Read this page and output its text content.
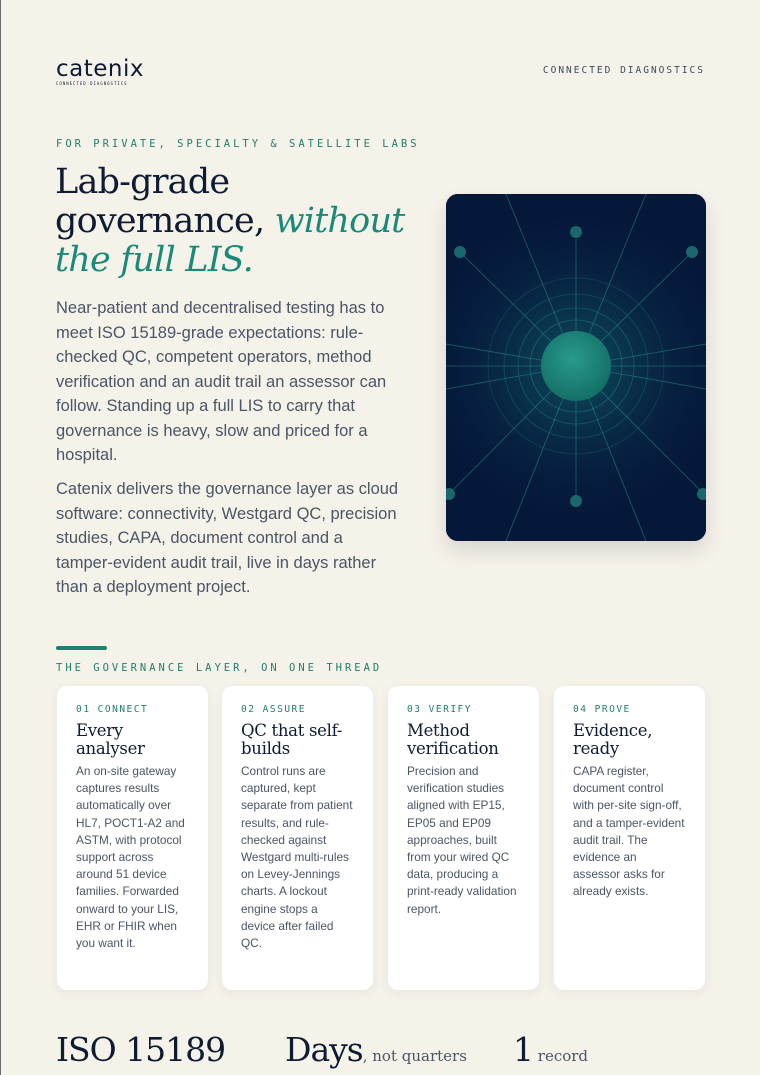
catenix
CONNECTED DIAGNOSTICS
CONNECTED DIAGNOSTICS
FOR PRIVATE, SPECIALTY & SATELLITE LABS
Lab-grade governance, without the full LIS.

Near-patient and decentralised testing has to meet ISO 15189-grade expectations: rule-checked QC, competent operators, method verification and an audit trail an assessor can follow. Standing up a full LIS to carry that governance is heavy, slow and priced for a hospital.

Catenix delivers the governance layer as cloud software: connectivity, Westgard QC, precision studies, CAPA, document control and a tamper-evident audit trail, live in days rather than a deployment project.

THE GOVERNANCE LAYER, ON ONE THREAD
01 CONNECT
Every analyser
An on-site gateway captures results automatically over HL7, POCT1-A2 and ASTM, with protocol support across around 51 device families. Forwarded onward to your LIS, EHR or FHIR when you want it.
02 ASSURE
QC that self-builds
Control runs are captured, kept separate from patient results, and rule-checked against Westgard multi-rules on Levey-Jennings charts. A lockout engine stops a device after failed QC.
03 VERIFY
Method verification
Precision and verification studies aligned with EP15, EP05 and EP09 approaches, built from your wired QC data, producing a print-ready validation report.
04 PROVE
Evidence, ready
CAPA register, document control with per-site sign-off, and a tamper-evident audit trail. The evidence an assessor asks for already exists.
ISO 15189 Days, not quarters 1 record
